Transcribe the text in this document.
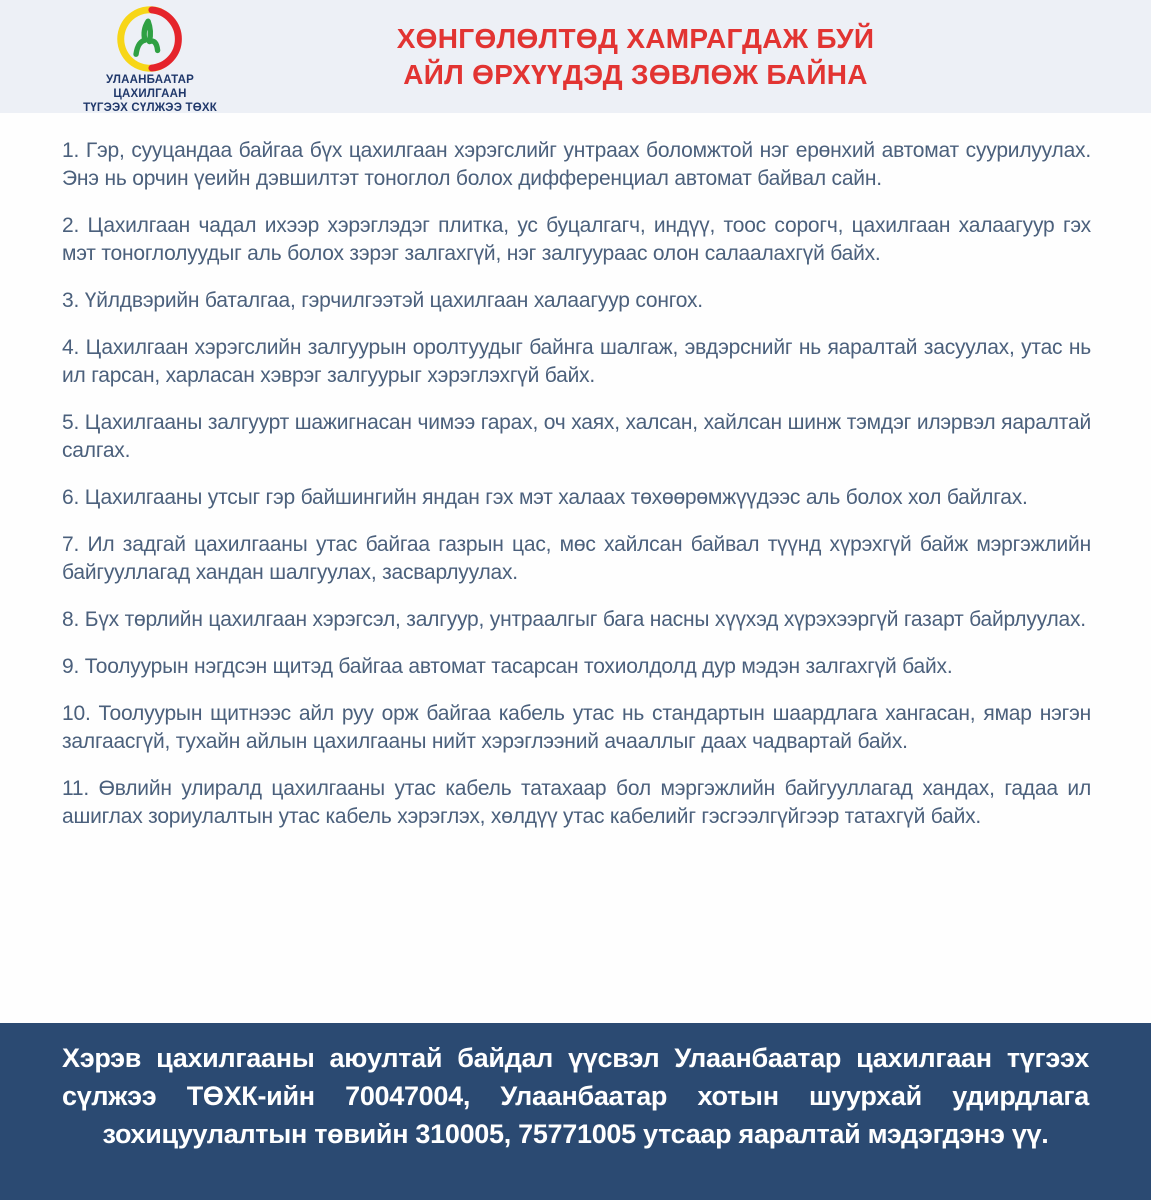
УЛААНБААТАР ЦАХИЛГААН
ТҮГЭЭХ СҮЛЖЭЭ ТӨХК
ХӨНГӨЛӨЛТӨД ХАМРАГДАЖ БУЙ
АЙЛ ӨРХҮҮДЭД ЗӨВЛӨЖ БАЙНА

1. Гэр, сууцандаа байгаа бүх цахилгаан хэрэгслийг унтраах боломжтой нэг ерөнхий автомат суурилуулах. Энэ нь орчин үеийн дэвшилтэт тоноглол болох дифференциал автомат байвал сайн.

2. Цахилгаан чадал ихээр хэрэглэдэг плитка, ус буцалгагч, индүү, тоос сорогч, цахилгаан халаагуур гэх мэт тоноглолуудыг аль болох зэрэг залгахгүй, нэг залгуураас олон салаалахгүй байх.

3. Үйлдвэрийн баталгаа, гэрчилгээтэй цахилгаан халаагуур сонгох.

4. Цахилгаан хэрэгслийн залгуурын оролтуудыг байнга шалгаж, эвдэрснийг нь яаралтай засуулах, утас нь ил гарсан, харласан хэврэг залгуурыг хэрэглэхгүй байх.

5. Цахилгааны залгуурт шажигнасан чимээ гарах, оч хаях, халсан, хайлсан шинж тэмдэг илэрвэл яаралтай салгах.

6. Цахилгааны утсыг гэр байшингийн яндан гэх мэт халаах төхөөрөмжүүдээс аль болох хол байлгах.

7. Ил задгай цахилгааны утас байгаа газрын цас, мөс хайлсан байвал түүнд хүрэхгүй байж мэргэжлийн байгууллагад хандан шалгуулах, засварлуулах.

8. Бүх төрлийн цахилгаан хэрэгсэл, залгуур, унтраалгыг бага насны хүүхэд хүрэхээргүй газарт байрлуулах.

9. Тоолуурын нэгдсэн щитэд байгаа автомат тасарсан тохиолдолд дур мэдэн залгахгүй байх.

10. Тоолуурын щитнээс айл руу орж байгаа кабель утас нь стандартын шаардлага хангасан, ямар нэгэн залгаасгүй, тухайн айлын цахилгааны нийт хэрэглээний ачааллыг даах чадвартай байх.

11. Өвлийн улиралд цахилгааны утас кабель татахаар бол мэргэжлийн байгууллагад хандах, гадаа ил ашиглах зориулалтын утас кабель хэрэглэх, хөлдүү утас кабелийг гэсгээлгүйгээр татахгүй байх.

Хэрэв цахилгааны аюултай байдал үүсвэл Улаанбаатар цахилгаан түгээх сүлжээ ТӨХК-ийн 70047004, Улаанбаатар хотын шуурхай удирдлага зохицуулалтын төвийн 310005, 75771005 утсаар яаралтай мэдэгдэнэ үү.
